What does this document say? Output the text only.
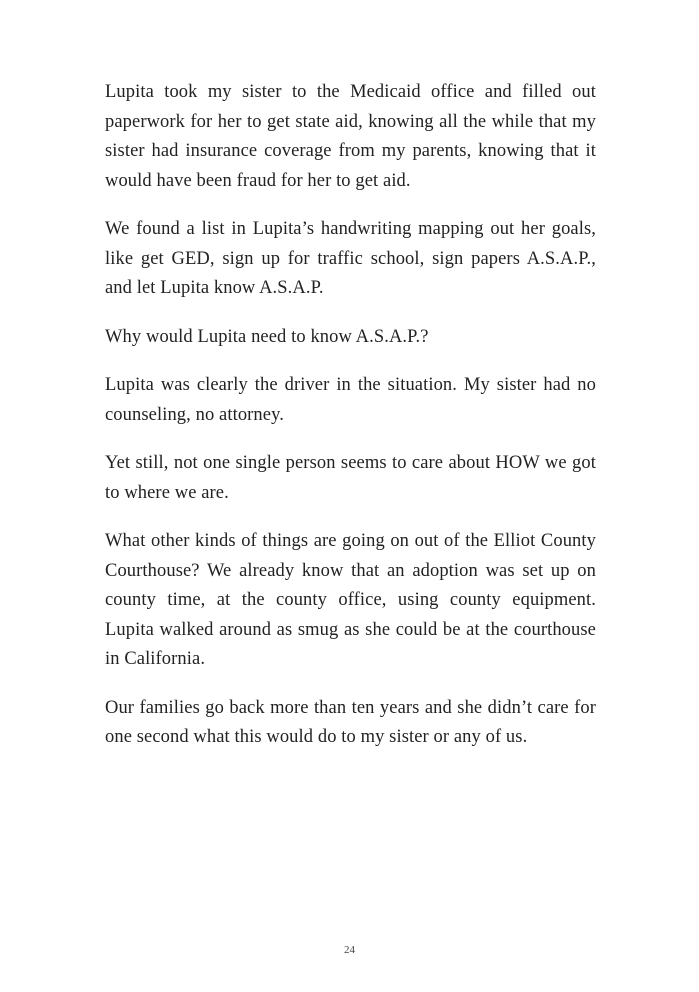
Lupita took my sister to the Medicaid office and filled out paperwork for her to get state aid, knowing all the while that my sister had insurance coverage from my parents, knowing that it would have been fraud for her to get aid.

We found a list in Lupita’s handwriting mapping out her goals, like get GED, sign up for traffic school, sign papers A.S.A.P., and let Lupita know A.S.A.P.

Why would Lupita need to know A.S.A.P.?

Lupita was clearly the driver in the situation. My sister had no counseling, no attorney.

Yet still, not one single person seems to care about HOW we got to where we are.

What other kinds of things are going on out of the Elliot County Courthouse? We already know that an adoption was set up on county time, at the county office, using county equipment. Lupita walked around as smug as she could be at the courthouse in California.

Our families go back more than ten years and she didn’t care for one second what this would do to my sister or any of us.

24
